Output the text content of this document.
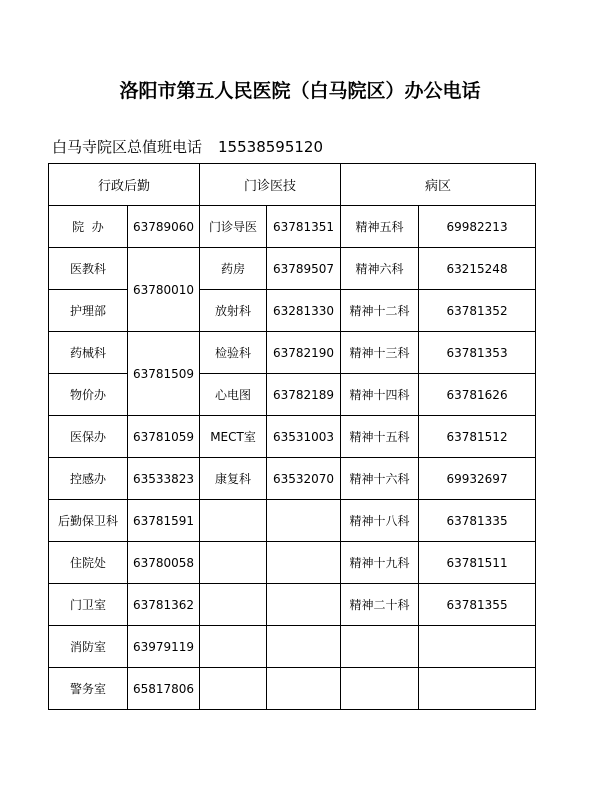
洛阳市第五人民医院（白马院区）办公电话
白马寺院区总值班电话 15538595120
行政后勤		门诊医技		病区	
院  办	63789060	门诊导医	63781351	精神五科	69982213
医教科	63780010	药房	63789507	精神六科	63215248
护理部		放射科	63281330	精神十二科	63781352
药械科	63781509	检验科	63782190	精神十三科	63781353
物价办		心电图	63782189	精神十四科	63781626
医保办	63781059	MECT室	63531003	精神十五科	63781512
控感办	63533823	康复科	63532070	精神十六科	69932697
后勤保卫科	63781591			精神十八科	63781335
住院处	63780058			精神十九科	63781511
门卫室	63781362			精神二十科	63781355
消防室	63979119				
警务室	65817806				
